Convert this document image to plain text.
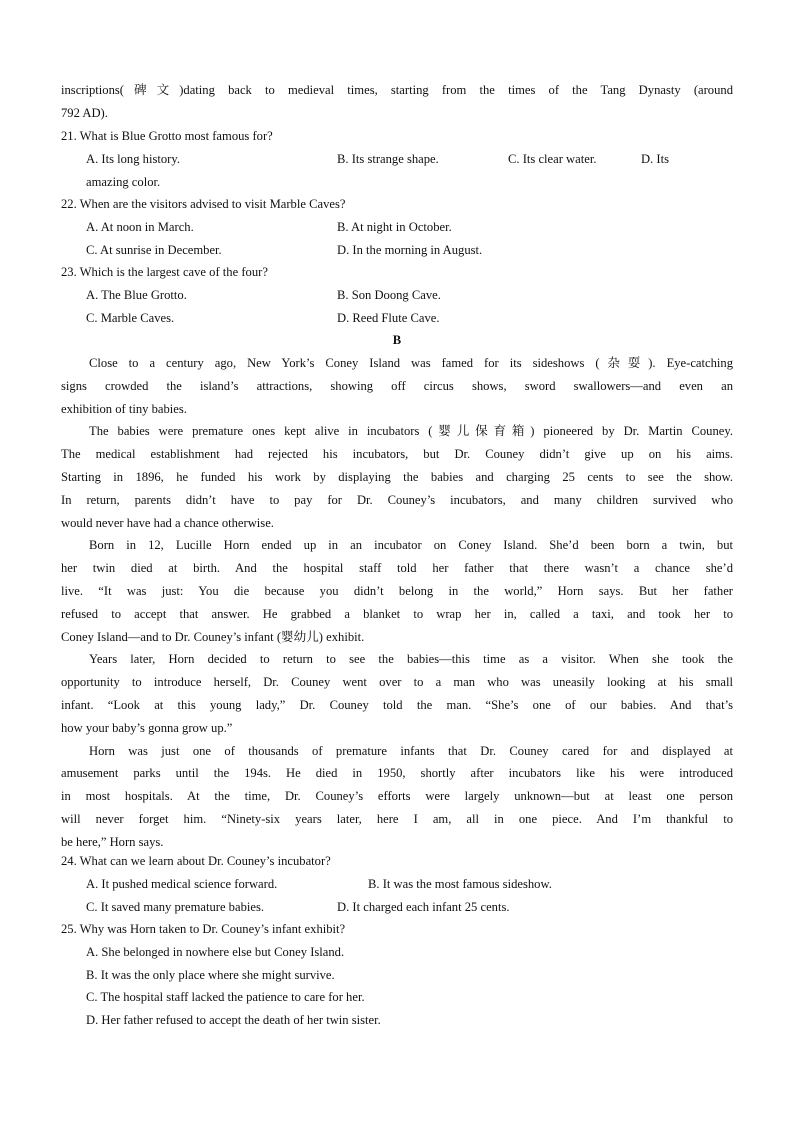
inscriptions(碑文)dating back to medieval times, starting from the times of the Tang Dynasty (around
792 AD).
21. What is Blue Grotto most famous for?
A. Its long history.	B. Its strange shape.	C. Its clear water.	D. Its
amazing color.
22. When are the visitors advised to visit Marble Caves?
A. At noon in March.	B. At night in October.
C. At sunrise in December.	D. In the morning in August.
23. Which is the largest cave of the four?
A. The Blue Grotto.	B. Son Doong Cave.
C. Marble Caves.	D. Reed Flute Cave.
B
Close to a century ago, New York’s Coney Island was famed for its sideshows (杂耍). Eye-catching
signs crowded the island’s attractions, showing off circus shows, sword swallowers—and even an
exhibition of tiny babies.
The babies were premature ones kept alive in incubators (婴儿保育箱) pioneered by Dr. Martin Couney.
The medical establishment had rejected his incubators, but Dr. Couney didn’t give up on his aims.
Starting in 1896, he funded his work by displaying the babies and charging 25 cents to see the show.
In return, parents didn’t have to pay for Dr. Couney’s incubators, and many children survived who
would never have had a chance otherwise.
Born in 12, Lucille Horn ended up in an incubator on Coney Island. She’d been born a twin, but
her twin died at birth. And the hospital staff told her father that there wasn’t a chance she’d
live. “It was just: You die because you didn’t belong in the world,” Horn says. But her father
refused to accept that answer. He grabbed a blanket to wrap her in, called a taxi, and took her to
Coney Island—and to Dr. Couney’s infant (婴幼儿) exhibit.
Years later, Horn decided to return to see the babies—this time as a visitor. When she took the
opportunity to introduce herself, Dr. Couney went over to a man who was uneasily looking at his small
infant. “Look at this young lady,” Dr. Couney told the man. “She’s one of our babies. And that’s
how your baby’s gonna grow up.”
Horn was just one of thousands of premature infants that Dr. Couney cared for and displayed at
amusement parks until the 194s. He died in 1950, shortly after incubators like his were introduced
in most hospitals. At the time, Dr. Couney’s efforts were largely unknown—but at least one person
will never forget him. “Ninety-six years later, here I am, all in one piece. And I’m thankful to
be here,” Horn says.
24. What can we learn about Dr. Couney’s incubator?
A. It pushed medical science forward.	B. It was the most famous sideshow.
C. It saved many premature babies.	D. It charged each infant 25 cents.
25. Why was Horn taken to Dr. Couney’s infant exhibit?
A. She belonged in nowhere else but Coney Island.
B. It was the only place where she might survive.
C. The hospital staff lacked the patience to care for her.
D. Her father refused to accept the death of her twin sister.
